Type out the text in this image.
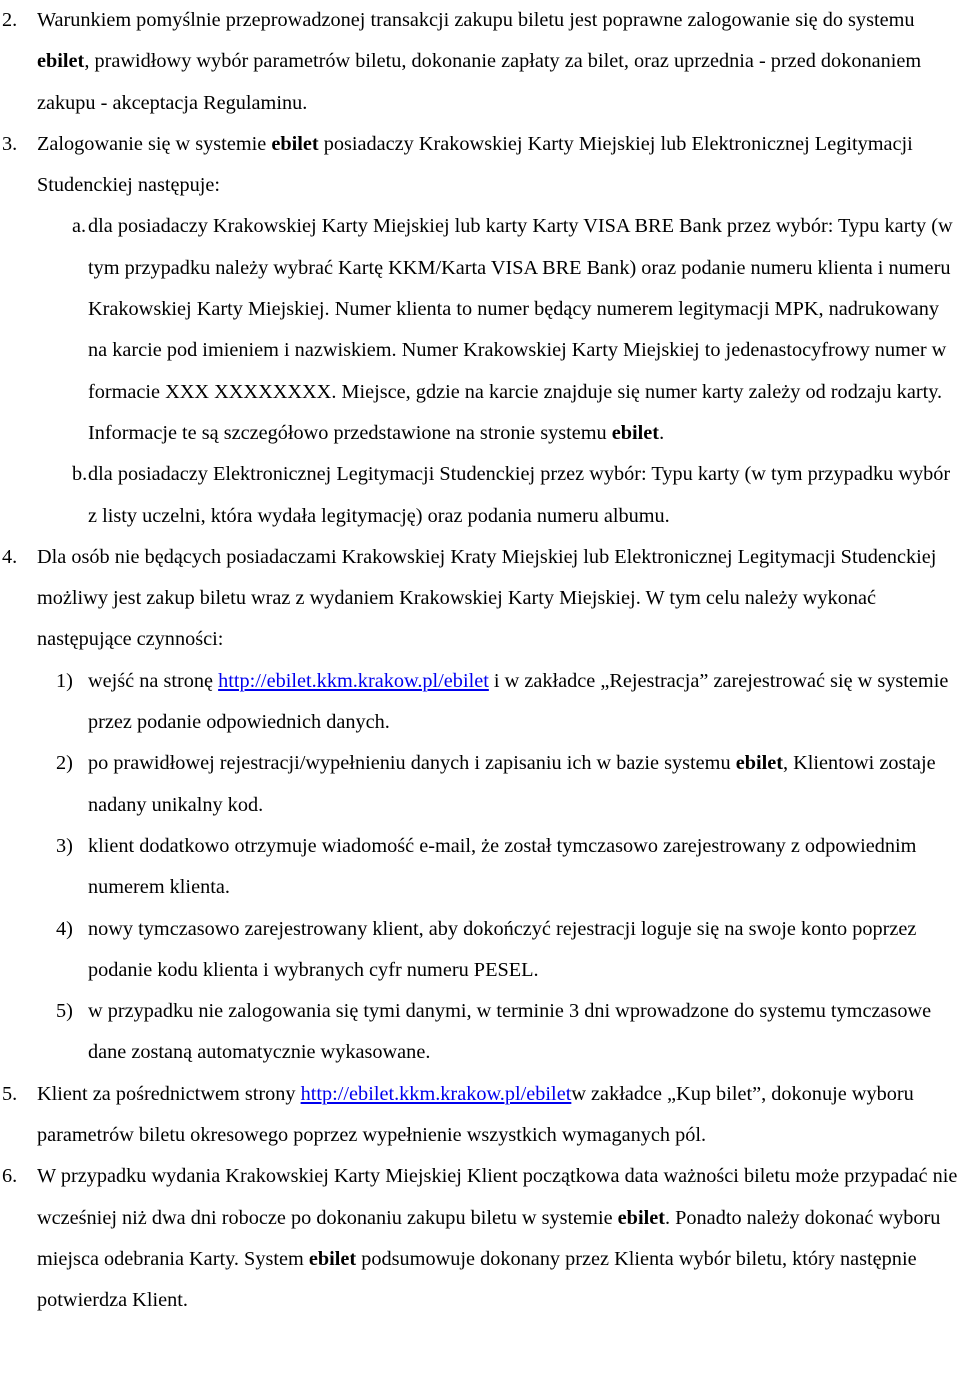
2. Warunkiem pomyślnie przeprowadzonej transakcji zakupu biletu jest poprawne zalogowanie się do systemu ebilet, prawidłowy wybór parametrów biletu, dokonanie zapłaty za bilet, oraz uprzednia - przed dokonaniem zakupu - akceptacja Regulaminu.

3. Zalogowanie się w systemie ebilet posiadaczy Krakowskiej Karty Miejskiej lub Elektronicznej Legitymacji Studenckiej następuje:

a. dla posiadaczy Krakowskiej Karty Miejskiej lub karty Karty VISA BRE Bank przez wybór: Typu karty (w tym przypadku należy wybrać Kartę KKM/Karta VISA BRE Bank) oraz podanie numeru klienta i numeru Krakowskiej Karty Miejskiej. Numer klienta to numer będący numerem legitymacji MPK, nadrukowany na karcie pod imieniem i nazwiskiem. Numer Krakowskiej Karty Miejskiej to jedenastocyfrowy numer w formacie XXX XXXXXXXX. Miejsce, gdzie na karcie znajduje się numer karty zależy od rodzaju karty. Informacje te są szczegółowo przedstawione na stronie systemu ebilet.

b. dla posiadaczy Elektronicznej Legitymacji Studenckiej przez wybór: Typu karty (w tym przypadku wybór z listy uczelni, która wydała legitymację) oraz podania numeru albumu.

4. Dla osób nie będących posiadaczami Krakowskiej Kraty Miejskiej lub Elektronicznej Legitymacji Studenckiej możliwy jest zakup biletu wraz z wydaniem Krakowskiej Karty Miejskiej. W tym celu należy wykonać następujące czynności:

1) wejść na stronę http://ebilet.kkm.krakow.pl/ebilet i w zakładce „Rejestracja” zarejestrować się w systemie przez podanie odpowiednich danych.

2) po prawidłowej rejestracji/wypełnieniu danych i zapisaniu ich w bazie systemu ebilet, Klientowi zostaje nadany unikalny kod.

3) klient dodatkowo otrzymuje wiadomość e-mail, że został tymczasowo zarejestrowany z odpowiednim numerem klienta.

4) nowy tymczasowo zarejestrowany klient, aby dokończyć rejestracji loguje się na swoje konto poprzez podanie kodu klienta i wybranych cyfr numeru PESEL.

5) w przypadku nie zalogowania się tymi danymi, w terminie 3 dni wprowadzone do systemu tymczasowe dane zostaną automatycznie wykasowane.

5. Klient za pośrednictwem strony http://ebilet.kkm.krakow.pl/ebiletw zakładce „Kup bilet”, dokonuje wyboru parametrów biletu okresowego poprzez wypełnienie wszystkich wymaganych pól.

6. W przypadku wydania Krakowskiej Karty Miejskiej Klient początkowa data ważności biletu może przypadać nie wcześniej niż dwa dni robocze po dokonaniu zakupu biletu w systemie ebilet. Ponadto należy dokonać wyboru miejsca odebrania Karty. System ebilet podsumowuje dokonany przez Klienta wybór biletu, który następnie potwierdza Klient.
